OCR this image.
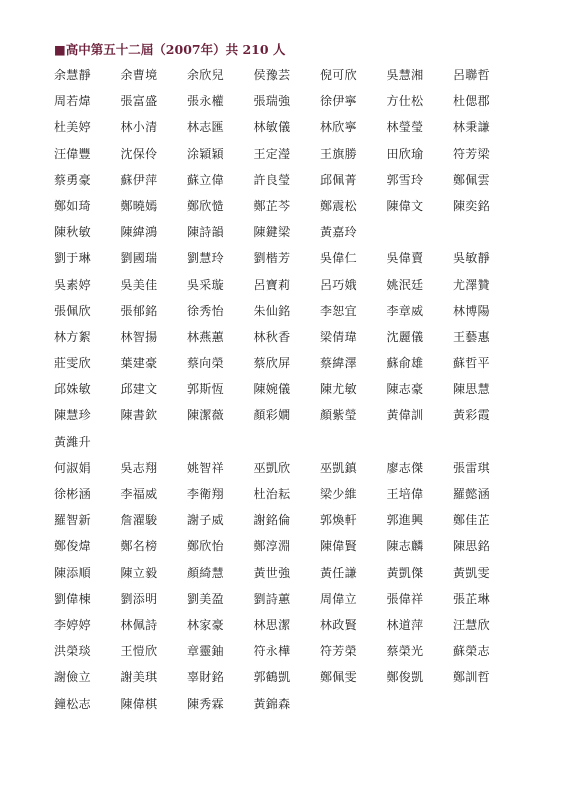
■高中第五十二屆（2007年）共 210 人
余慧靜	余曹境	余欣兒	侯豫芸	倪可欣	吳慧湘	呂聯哲
周若煒	張富盛	張永權	張瑞強	徐伊寧	方仕松	杜偲郡
杜美婷	林小清	林志匯	林敏儀	林欣寧	林瑩瑩	林秉謙
汪偉豐	沈保伶	涂穎穎	王定瀅	王旗勝	田欣瑜	符芳梁
蔡勇豪	蘇伊萍	蘇立偉	許良瑩	邱佩菁	郭雪玲	鄭佩雲
鄭如琦	鄭曉嫣	鄭欣慥	鄭芷芩	鄭震松	陳偉文	陳奕銘
陳秋敏	陳緯鴻	陳詩韻	陳鍵梁	黃嘉玲
劉于琳	劉國瑞	劉慧玲	劉楷芳	吳偉仁	吳偉賣	吳敏靜
吳素婷	吳美佳	吳采璇	呂寶莉	呂巧娥	姚泯廷	尤澤贊
張佩欣	張郁銘	徐秀怡	朱仙銘	李恕宜	李章威	林博陽
林方絮	林智揚	林燕蕙	林秋香	梁倩瑋	沈麗儀	王藝惠
莊雯欣	葉建豪	蔡向榮	蔡欣屏	蔡緯澤	蘇俞雄	蘇哲平
邱姝敏	邱建文	郭斯恆	陳婉儀	陳尤敏	陳志豪	陳思慧
陳慧珍	陳書欽	陳潔薇	顏彩嫺	顏紫瑩	黃偉訓	黃彩霞
黃濰升
何淑娟	吳志翔	姚智祥	巫凱欣	巫凱鎮	廖志傑	張雷琪
徐彬涵	李福威	李衛翔	杜治耘	梁少維	王培偉	羅懿涵
羅智新	詹濯駿	謝子威	謝銘倫	郭煥軒	郭進興	鄭佳芷
鄭俊煒	鄭名榜	鄭欣怡	鄭淳淵	陳偉賢	陳志麟	陳思銘
陳添順	陳立毅	顏綺慧	黃世強	黃任謙	黃凱傑	黃凱雯
劉偉棟	劉添明	劉美盈	劉詩蕙	周偉立	張偉祥	張芷琳
李婷婷	林佩詩	林家豪	林思潔	林政賢	林道萍	汪慧欣
洪榮琰	王愷欣	章靈鈾	符永樺	符芳榮	蔡榮光	蘇榮志
謝儉立	謝美琪	辜財銘	郭鶴凱	鄭佩雯	鄭俊凱	鄭訓哲
鐘松志	陳偉棋	陳秀霖	黃錦森
